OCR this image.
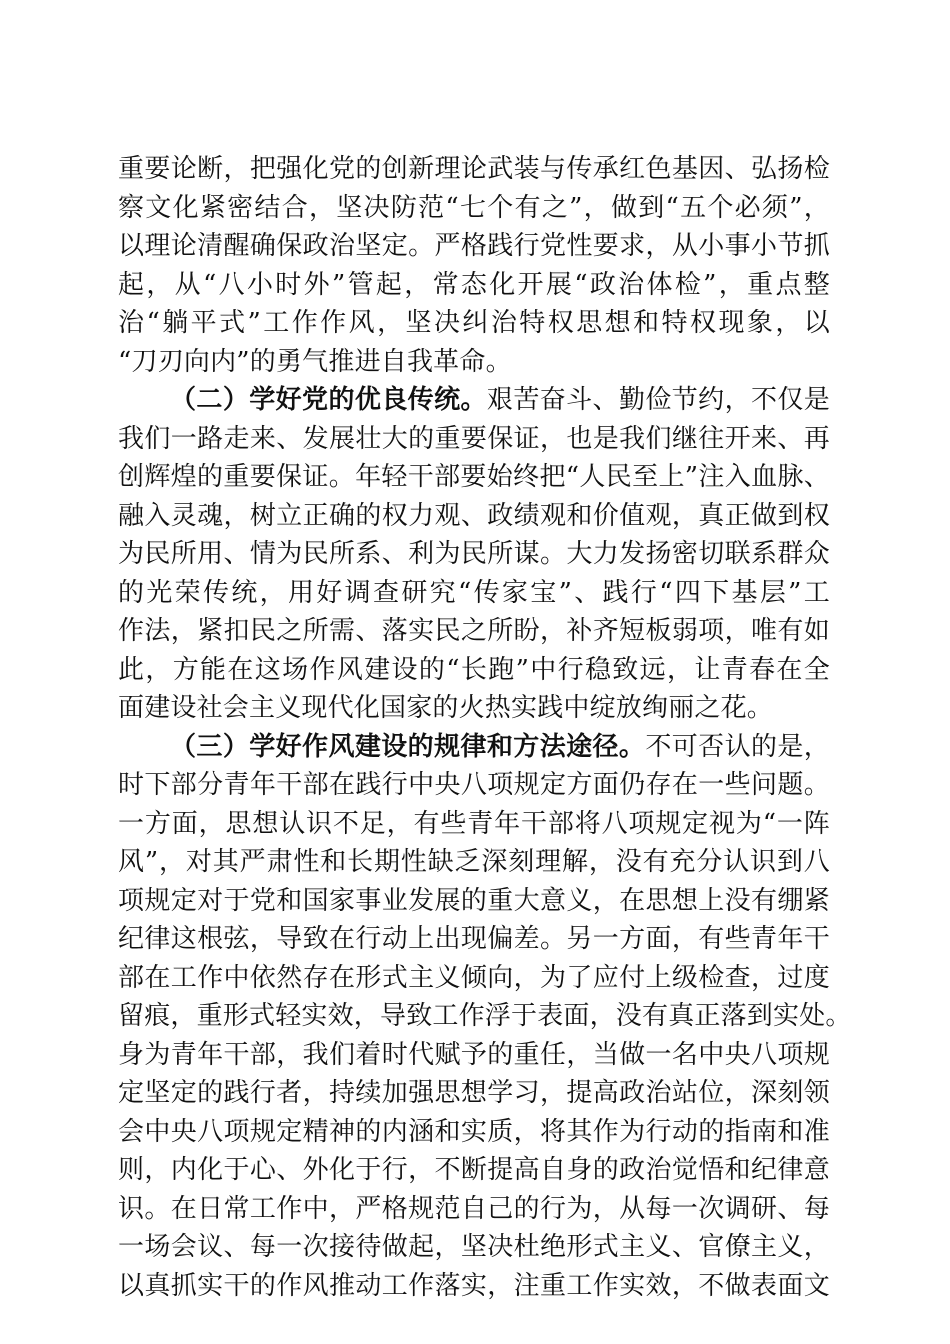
重要论断，把强化党的创新理论武装与传承红色基因、弘扬检
察文化紧密结合，坚决防范“七个有之”，做到“五个必须”，
以理论清醒确保政治坚定。严格践行党性要求，从小事小节抓
起，从“八小时外”管起，常态化开展“政治体检”，重点整
治“躺平式”工作作风，坚决纠治特权思想和特权现象，以
“刀刃向内”的勇气推进自我革命。
（二）学好党的优良传统。艰苦奋斗、勤俭节约，不仅是
我们一路走来、发展壮大的重要保证，也是我们继往开来、再
创辉煌的重要保证。年轻干部要始终把“人民至上”注入血脉、
融入灵魂，树立正确的权力观、政绩观和价值观，真正做到权
为民所用、情为民所系、利为民所谋。大力发扬密切联系群众
的光荣传统，用好调查研究“传家宝”、践行“四下基层”工
作法，紧扣民之所需、落实民之所盼，补齐短板弱项，唯有如
此，方能在这场作风建设的“长跑”中行稳致远，让青春在全
面建设社会主义现代化国家的火热实践中绽放绚丽之花。
（三）学好作风建设的规律和方法途径。不可否认的是，
时下部分青年干部在践行中央八项规定方面仍存在一些问题。
一方面，思想认识不足，有些青年干部将八项规定视为“一阵
风”，对其严肃性和长期性缺乏深刻理解，没有充分认识到八
项规定对于党和国家事业发展的重大意义，在思想上没有绷紧
纪律这根弦，导致在行动上出现偏差。另一方面，有些青年干
部在工作中依然存在形式主义倾向，为了应付上级检查，过度
留痕，重形式轻实效，导致工作浮于表面，没有真正落到实处。
身为青年干部，我们着时代赋予的重任，当做一名中央八项规
定坚定的践行者，持续加强思想学习，提高政治站位，深刻领
会中央八项规定精神的内涵和实质，将其作为行动的指南和准
则，内化于心、外化于行，不断提高自身的政治觉悟和纪律意
识。在日常工作中，严格规范自己的行为，从每一次调研、每
一场会议、每一次接待做起，坚决杜绝形式主义、官僚主义，
以真抓实干的作风推动工作落实，注重工作实效，不做表面文
